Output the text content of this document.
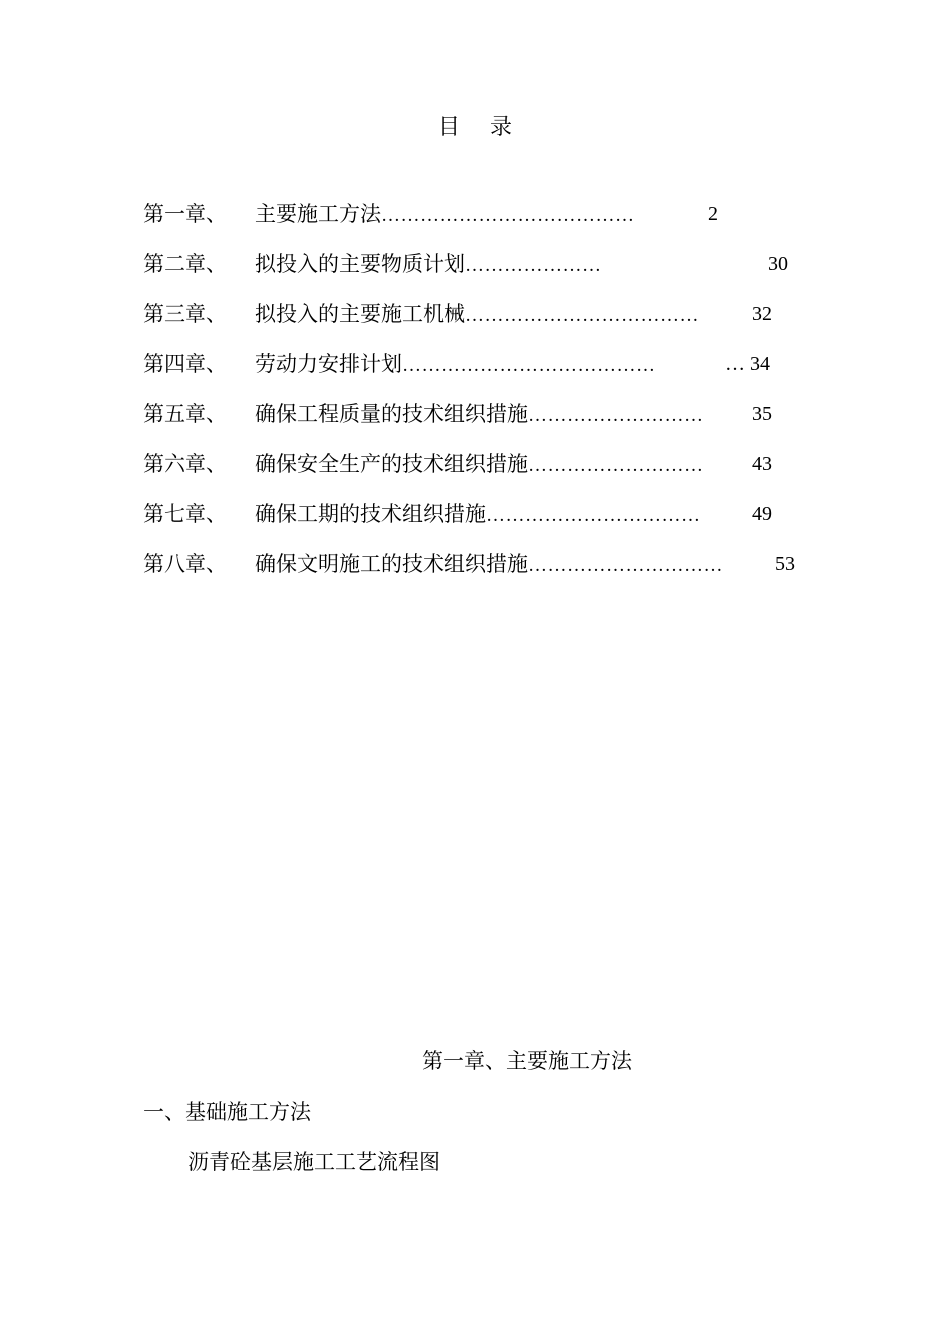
目 录
第一章、 主要施工方法…………………………………	2
第二章、 拟投入的主要物质计划…………………	30
第三章、 拟投入的主要施工机械………………………………	32
第四章、 劳动力安排计划…………………………………	… 34
第五章、 确保工程质量的技术组织措施……………………… 35
第六章、 确保安全生产的技术组织措施……………………… 43
第七章、 确保工期的技术组织措施……………………………	49
第八章、 确保文明施工的技术组织措施…………………………	53
第一章、主要施工方法
一、基础施工方法
沥青砼基层施工工艺流程图
